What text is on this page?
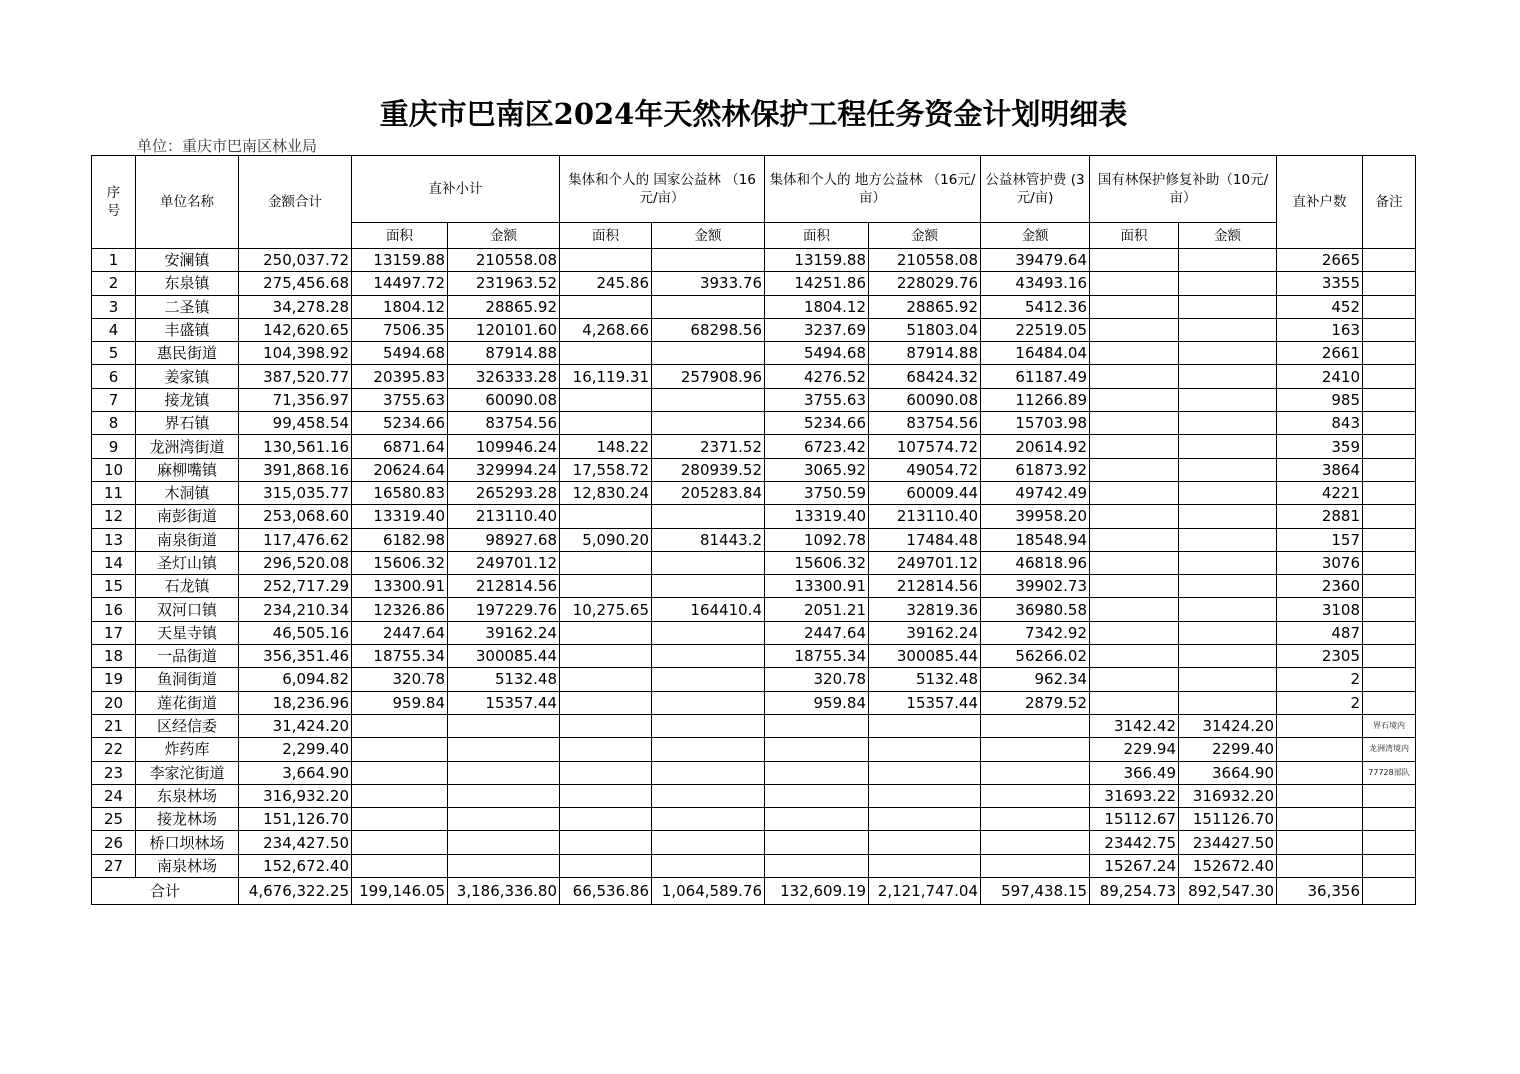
重庆市巴南区2024年天然林保护工程任务资金计划明细表
单位：重庆市巴南区林业局
序号	单位名称	金额合计	直补小计		集体和个人的 国家公益林 （16元/亩）		集体和个人的 地方公益林 （16元/亩）		公益林管护费 (3元/亩)	国有林保护修复补助（10元/亩）		直补户数	备注
			面积	金额	面积	金额	面积	金额	金额	面积	金额		
1	安澜镇	250,037.72	13159.88	210558.08			13159.88	210558.08	39479.64			2665	
2	东泉镇	275,456.68	14497.72	231963.52	245.86	3933.76	14251.86	228029.76	43493.16			3355	
3	二圣镇	34,278.28	1804.12	28865.92			1804.12	28865.92	5412.36			452	
4	丰盛镇	142,620.65	7506.35	120101.60	4,268.66	68298.56	3237.69	51803.04	22519.05			163	
5	惠民街道	104,398.92	5494.68	87914.88			5494.68	87914.88	16484.04			2661	
6	姜家镇	387,520.77	20395.83	326333.28	16,119.31	257908.96	4276.52	68424.32	61187.49			2410	
7	接龙镇	71,356.97	3755.63	60090.08			3755.63	60090.08	11266.89			985	
8	界石镇	99,458.54	5234.66	83754.56			5234.66	83754.56	15703.98			843	
9	龙洲湾街道	130,561.16	6871.64	109946.24	148.22	2371.52	6723.42	107574.72	20614.92			359	
10	麻柳嘴镇	391,868.16	20624.64	329994.24	17,558.72	280939.52	3065.92	49054.72	61873.92			3864	
11	木洞镇	315,035.77	16580.83	265293.28	12,830.24	205283.84	3750.59	60009.44	49742.49			4221	
12	南彭街道	253,068.60	13319.40	213110.40			13319.40	213110.40	39958.20			2881	
13	南泉街道	117,476.62	6182.98	98927.68	5,090.20	81443.2	1092.78	17484.48	18548.94			157	
14	圣灯山镇	296,520.08	15606.32	249701.12			15606.32	249701.12	46818.96			3076	
15	石龙镇	252,717.29	13300.91	212814.56			13300.91	212814.56	39902.73			2360	
16	双河口镇	234,210.34	12326.86	197229.76	10,275.65	164410.4	2051.21	32819.36	36980.58			3108	
17	天星寺镇	46,505.16	2447.64	39162.24			2447.64	39162.24	7342.92			487	
18	一品街道	356,351.46	18755.34	300085.44			18755.34	300085.44	56266.02			2305	
19	鱼洞街道	6,094.82	320.78	5132.48			320.78	5132.48	962.34			2	
20	莲花街道	18,236.96	959.84	15357.44			959.84	15357.44	2879.52			2	
21	区经信委	31,424.20								3142.42	31424.20		界石境内
22	炸药库	2,299.40								229.94	2299.40		龙洲湾境内
23	李家沱街道	3,664.90								366.49	3664.90		77728部队
24	东泉林场	316,932.20								31693.22	316932.20		
25	接龙林场	151,126.70								15112.67	151126.70		
26	桥口坝林场	234,427.50								23442.75	234427.50		
27	南泉林场	152,672.40								15267.24	152672.40		
合计		4,676,322.25	199,146.05	3,186,336.80	66,536.86	1,064,589.76	132,609.19	2,121,747.04	597,438.15	89,254.73	892,547.30	36,356	
